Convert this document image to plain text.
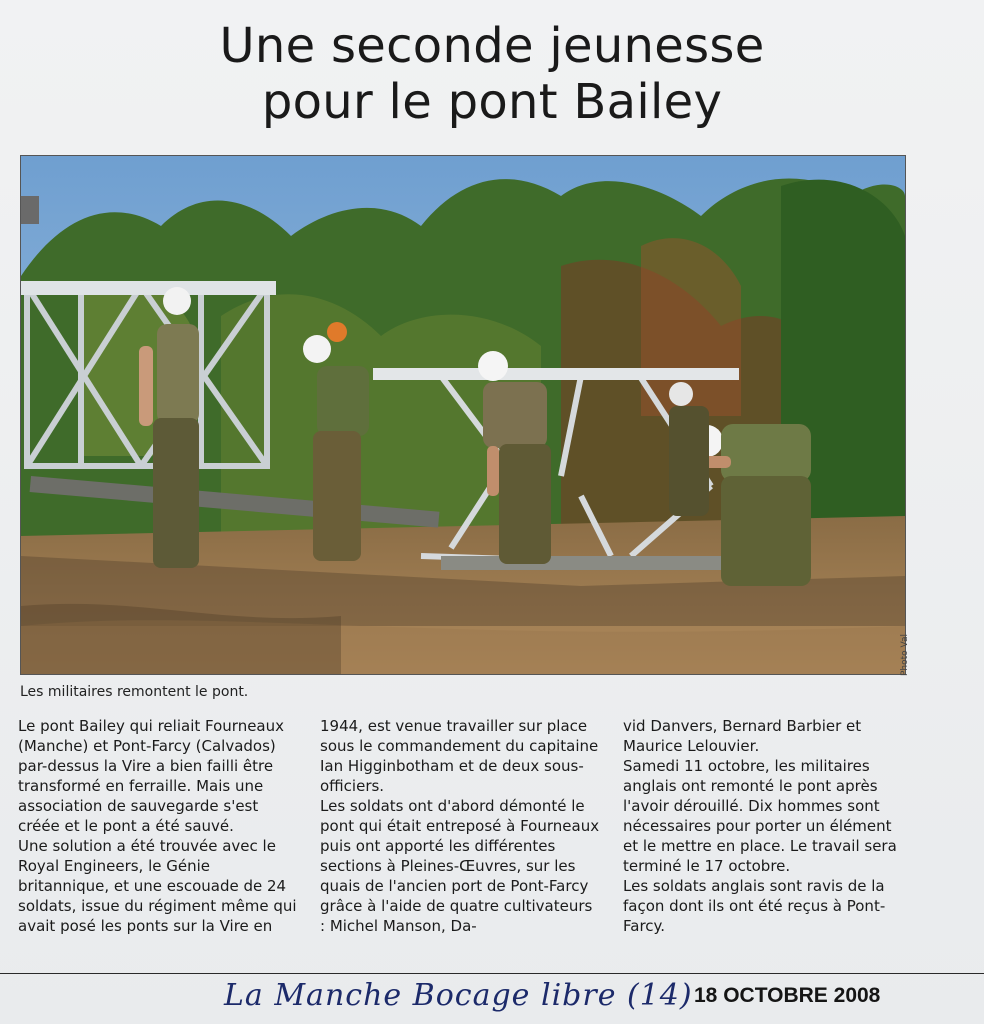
Une seconde jeunesse
pour le pont Bailey
Photo Val
Les militaires remontent le pont.

Le pont Bailey qui reliait Fourneaux (Manche) et Pont-Farcy (Calvados) par-dessus la Vire a bien failli être transformé en ferraille. Mais une association de sauvegarde s'est créée et le pont a été sauvé.

Une solution a été trouvée avec le Royal Engineers, le Génie britannique, et une escouade de 24 soldats, issue du régiment même qui avait posé les ponts sur la Vire en

1944, est venue travailler sur place sous le commandement du capitaine Ian Higginbotham et de deux sous-officiers.

Les soldats ont d'abord démonté le pont qui était entreposé à Fourneaux puis ont apporté les différentes sections à Pleines-Œuvres, sur les quais de l'ancien port de Pont-Farcy grâce à l'aide de quatre cultivateurs : Michel Manson, Da-

vid Danvers, Bernard Barbier et Maurice Lelouvier.

Samedi 11 octobre, les militaires anglais ont remonté le pont après l'avoir dérouillé. Dix hommes sont nécessaires pour porter un élément et le mettre en place. Le travail sera terminé le 17 octobre.

Les soldats anglais sont ravis de la façon dont ils ont été reçus à Pont-Farcy.

La Manche Bocage libre (14) 18 OCTOBRE 2008
